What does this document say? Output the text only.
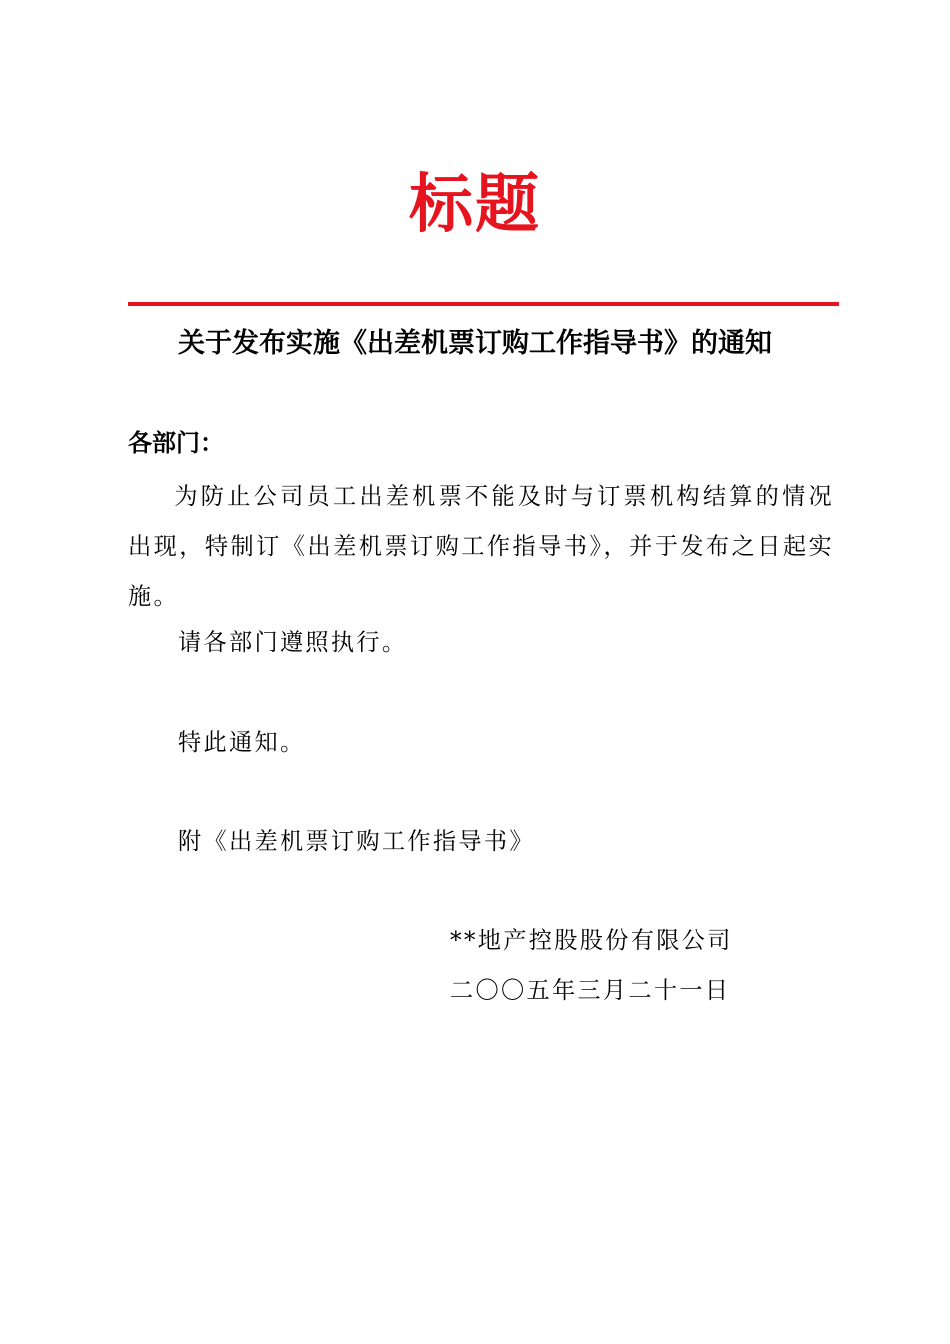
标题
关于发布实施《出差机票订购工作指导书》的通知
各部门：

为防止公司员工出差机票不能及时与订票机构结算的情况出现，特制订《出差机票订购工作指导书》，并于发布之日起实施。

请各部门遵照执行。
特此通知。
附《出差机票订购工作指导书》
**地产控股股份有限公司
二〇〇五年三月二十一日
